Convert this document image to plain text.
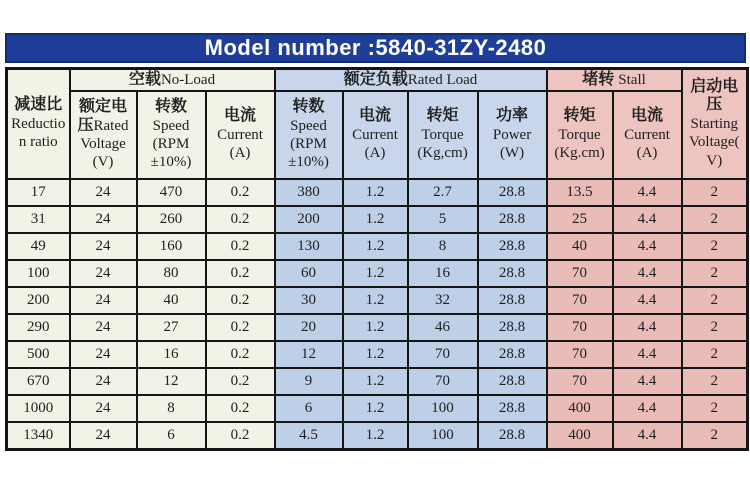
Model number :5840-31ZY-2480
减速比 Reduction ratio	空载No-Load			额定负载Rated Load				堵转 Stall		启动电压Starting Voltage(V)
	额定电压Rated Voltage (V)	转数Speed (RPM ±10%)	电流Current (A)	转数Speed (RPM ±10%)	电流Current (A)	转矩Torque (Kg,cm)	功率Power (W)	转矩Torque (Kg.cm)	电流Current (A)	
17	24	470	0.2	380	1.2	2.7	28.8	13.5	4.4	2
31	24	260	0.2	200	1.2	5	28.8	25	4.4	2
49	24	160	0.2	130	1.2	8	28.8	40	4.4	2
100	24	80	0.2	60	1.2	16	28.8	70	4.4	2
200	24	40	0.2	30	1.2	32	28.8	70	4.4	2
290	24	27	0.2	20	1.2	46	28.8	70	4.4	2
500	24	16	0.2	12	1.2	70	28.8	70	4.4	2
670	24	12	0.2	9	1.2	70	28.8	70	4.4	2
1000	24	8	0.2	6	1.2	100	28.8	400	4.4	2
1340	24	6	0.2	4.5	1.2	100	28.8	400	4.4	2
